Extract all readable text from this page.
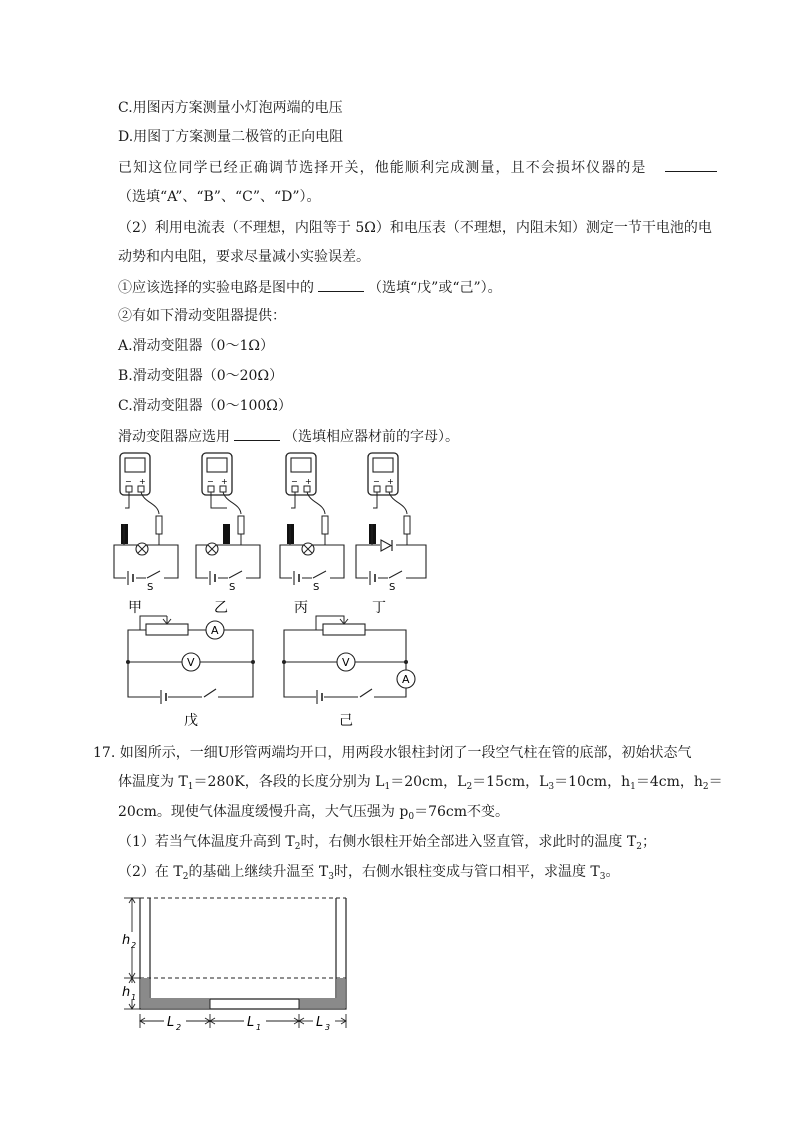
C.用图丙方案测量小灯泡两端的电压
D.用图丁方案测量二极管的正向电阻
已知这位同学已经正确调节选择开关，他能顺利完成测量，且不会损坏仪器的是
（选填“A”、“B”、“C”、“D”）。
（2）利用电流表（不理想，内阻等于 5Ω）和电压表（不理想，内阻未知）测定一节干电池的电
动势和内电阻，要求尽量减小实验误差。
①应该选择的实验电路是图中的	（选填“戊”或“己”）。
②有如下滑动变阻器提供：
A.滑动变阻器（0～1Ω）
B.滑动变阻器（0～20Ω）
C.滑动变阻器（0～100Ω）
滑动变阻器应选用	（选填相应器材前的字母）。
− +
S
甲
− +
S
乙
− +
S
丙
− +
S
丁
A
V
戊
V
A
己
17. 如图所示，一细U形管两端均开口，用两段水银柱封闭了一段空气柱在管的底部，初始状态气
体温度为 $T_1=280K$，各段的长度分别为 $L_1=20cm$，$L_2=15cm$，$L_3=10cm$，$h_1=4cm$，$h_2=$
20cm。现使气体温度缓慢升高，大气压强为 $p_0=76cm$不变。
（1）若当气体温度升高到 $T_2$时，右侧水银柱开始全部进入竖直管，求此时的温度 $T_2$；
（2）在 $T_2$的基础上继续升温至 $T_3$时，右侧水银柱变成与管口相平，求温度 $T_3$。
h 2
h 1
L 2	L 1	L 3
